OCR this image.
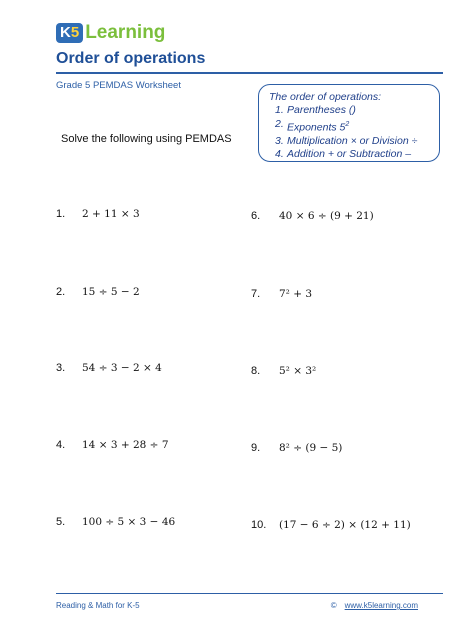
K5 Learning
Order of operations
Grade 5 PEMDAS Worksheet
The order of operations:
1. Parentheses ()
2. Exponents $5^2$
3. Multiplication × or Division ÷
4. Addition + or Subtraction –
Solve the following using PEMDAS
1.	2 + 11 × 3
2.	15 ÷ 5 − 2
3.	54 ÷ 3 − 2 × 4
4.	14 × 3 + 28 ÷ 7
5.	100 ÷ 5 × 3 − 46
6.	40 × 6 ÷ (9 + 21)
7.	7² + 3
8.	5² × 3²
9.	8² ÷ (9 − 5)
10.	(17 − 6 ÷ 2) × (12 + 11)
Reading & Math for K-5	© www.k5learning.com
